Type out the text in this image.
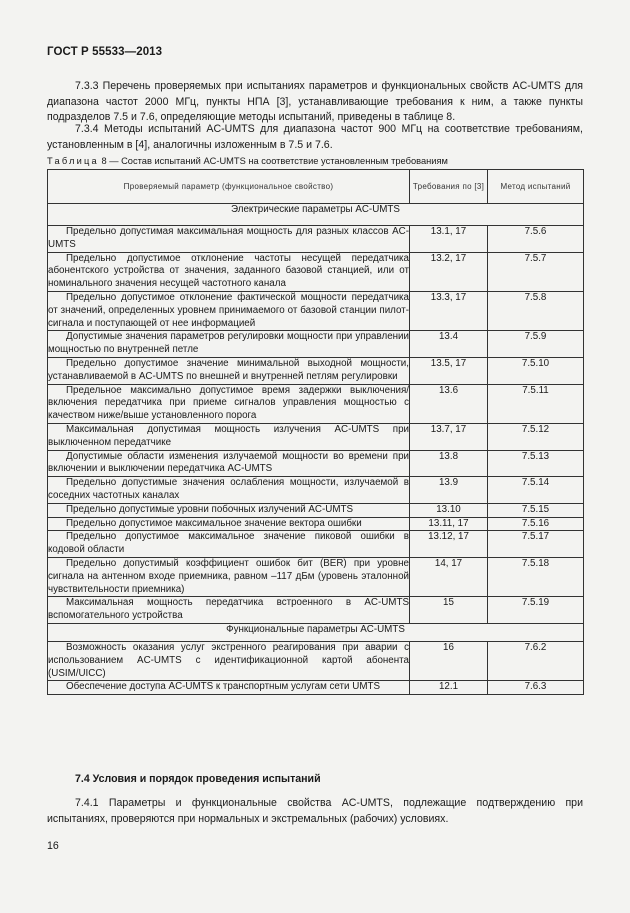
ГОСТ Р 55533—2013
7.3.3 Перечень проверяемых при испытаниях параметров и функциональных свойств AC-UMTS для диапазона частот 2000 МГц, пункты НПА [3], устанавливающие требования к ним, а также пункты подразделов 7.5 и 7.6, определяющие методы испытаний, приведены в таблице 8.
7.3.4 Методы испытаний AC-UMTS для диапазона частот 900 МГц на соответствие требованиям, установленным в [4], аналогичны изложенным в 7.5 и 7.6.
Таблица 8 — Состав испытаний AC-UMTS на соответствие установленным требованиям
Проверяемый параметр (функциональное свойство)	Требования по [3]	Метод испытаний
Электрические параметры AC-UMTS		
Предельно допустимая максимальная мощность для разных классов AC-UMTS	13.1, 17	7.5.6
Предельно допустимое отклонение частоты несущей передатчика абонентского устройства от значения, заданного базовой станцией, или от номинального значения несущей частотного канала	13.2, 17	7.5.7
Предельно допустимое отклонение фактической мощности передатчика от значений, определенных уровнем принимаемого от базовой станции пилот-сигнала и поступающей от нее информацией	13.3, 17	7.5.8
Допустимые значения параметров регулировки мощности при управлении мощностью по внутренней петле	13.4	7.5.9
Предельно допустимое значение минимальной выходной мощности, устанавливаемой в AC-UMTS по внешней и внутренней петлям регулировки	13.5, 17	7.5.10
Предельное максимально допустимое время задержки выключения/включения передатчика при приеме сигналов управления мощностью с качеством ниже/выше установленного порога	13.6	7.5.11
Максимальная допустимая мощность излучения AC-UMTS при выключенном передатчике	13.7, 17	7.5.12
Допустимые области изменения излучаемой мощности во времени при включении и выключении передатчика AC-UMTS	13.8	7.5.13
Предельно допустимые значения ослабления мощности, излучаемой в соседних частотных каналах	13.9	7.5.14
Предельно допустимые уровни побочных излучений AC-UMTS	13.10	7.5.15
Предельно допустимое максимальное значение вектора ошибки	13.11, 17	7.5.16
Предельно допустимое максимальное значение пиковой ошибки в кодовой области	13.12, 17	7.5.17
Предельно допустимый коэффициент ошибок бит (BER) при уровне сигнала на антенном входе приемника, равном –117 дБм (уровень эталонной чувствительности приемника)	14, 17	7.5.18
Максимальная мощность передатчика встроенного в AC-UMTS вспомогательного устройства	15	7.5.19
Функциональные параметры AC-UMTS		
Возможность оказания услуг экстренного реагирования при аварии с использованием AC-UMTS с идентификационной картой абонента (USIM/UICC)	16	7.6.2
Обеспечение доступа AC-UMTS к транспортным услугам сети UMTS	12.1	7.6.3
7.4 Условия и порядок проведения испытаний
7.4.1 Параметры и функциональные свойства AC-UMTS, подлежащие подтверждению при испытаниях, проверяются при нормальных и экстремальных (рабочих) условиях.
16
